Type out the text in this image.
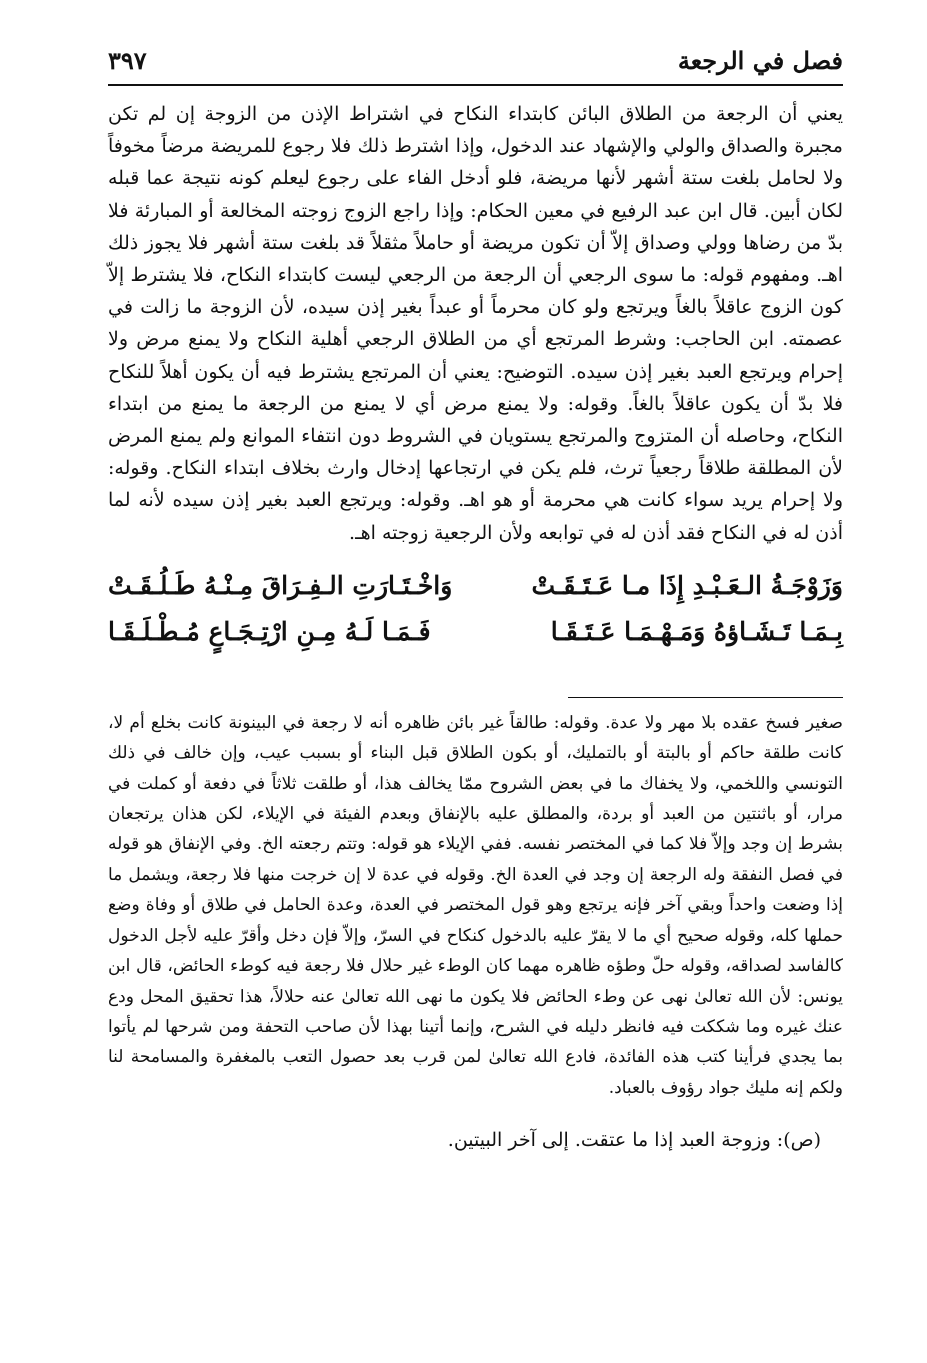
فصل في الرجعة
٣٩٧
يعني أن الرجعة من الطلاق البائن كابتداء النكاح في اشتراط الإذن من الزوجة إن لم تكن مجبرة والصداق والولي والإشهاد عند الدخول، وإذا اشترط ذلك فلا رجوع للمريضة مرضاً مخوفاً ولا لحامل بلغت ستة أشهر لأنها مريضة، فلو أدخل الفاء على رجوع ليعلم كونه نتيجة عما قبله لكان أبين. قال ابن عبد الرفيع في معين الحكام: وإذا راجع الزوج زوجته المخالعة أو المبارئة فلا بدّ من رضاها وولي وصداق إلاّ أن تكون مريضة أو حاملاً مثقلاً قد بلغت ستة أشهر فلا يجوز ذلك اهـ. ومفهوم قوله: ما سوى الرجعي أن الرجعة من الرجعي ليست كابتداء النكاح، فلا يشترط إلاّ كون الزوج عاقلاً بالغاً ويرتجع ولو كان محرماً أو عبداً بغير إذن سيده، لأن الزوجة ما زالت في عصمته. ابن الحاجب: وشرط المرتجع أي من الطلاق الرجعي أهلية النكاح ولا يمنع مرض ولا إحرام ويرتجع العبد بغير إذن سيده. التوضيح: يعني أن المرتجع يشترط فيه أن يكون أهلاً للنكاح فلا بدّ أن يكون عاقلاً بالغاً. وقوله: ولا يمنع مرض أي لا يمنع من الرجعة ما يمنع من ابتداء النكاح، وحاصله أن المتزوج والمرتجع يستويان في الشروط دون انتفاء الموانع ولم يمنع المرض لأن المطلقة طلاقاً رجعياً ترث، فلم يكن في ارتجاعها إدخال وارث بخلاف ابتداء النكاح. وقوله: ولا إحرام يريد سواء كانت هي محرمة أو هو اهـ. وقوله: ويرتجع العبد بغير إذن سيده لأنه لما أذن له في النكاح فقد أذن له في توابعه ولأن الرجعية زوجته اهـ.
وَزَوْجَـةُ الـعَـبْـدِ إِذَا مـا عَـتَـقَـتْ
وَاخْـتَـارَتِ الـفِـرَاقَ مِـنْـهُ طَـلُـقَـتْ
بِـمَـا تَـشَـاؤهُ وَمَـهْـمَـا عَـتَـقَـا
فَـمَـا لَـهُ مِـنِ ارْتِـجَـاعٍ مُـطْـلَـقَـا
صغير فسخ عقده بلا مهر ولا عدة. وقوله: طالقاً غير بائن ظاهره أنه لا رجعة في البينونة كانت بخلع أم لا، كانت طلقة حاكم أو بالبتة أو بالتمليك، أو بكون الطلاق قبل البناء أو بسبب عيب، وإن خالف في ذلك التونسي واللخمي، ولا يخفاك ما في بعض الشروح ممّا يخالف هذا، أو طلقت ثلاثاً في دفعة أو كملت في مرار، أو باثنتين من العبد أو بردة، والمطلق عليه بالإنفاق وبعدم الفيئة في الإيلاء، لكن هذان يرتجعان بشرط إن وجد وإلاّ فلا كما في المختصر نفسه. ففي الإيلاء هو قوله: وتتم رجعته الخ. وفي الإنفاق هو قوله في فصل النفقة وله الرجعة إن وجد في العدة الخ. وقوله في عدة لا إن خرجت منها فلا رجعة، ويشمل ما إذا وضعت واحداً وبقي آخر فإنه يرتجع وهو قول المختصر في العدة، وعدة الحامل في طلاق أو وفاة وضع حملها كله، وقوله صحيح أي ما لا يقرّ عليه بالدخول كنكاح في السرّ، وإلاّ فإن دخل وأقرّ عليه لأجل الدخول كالفاسد لصداقه، وقوله حلّ وطؤه ظاهره مهما كان الوطء غير حلال فلا رجعة فيه كوطء الحائض، قال ابن يونس: لأن الله تعالىٰ نهى عن وطء الحائض فلا يكون ما نهى الله تعالىٰ عنه حلالاً، هذا تحقيق المحل ودع عنك غيره وما شككت فيه فانظر دليله في الشرح، وإنما أتينا بهذا لأن صاحب التحفة ومن شرحها لم يأتوا بما يجدي فرأينا كتب هذه الفائدة، فادع الله تعالىٰ لمن قرب بعد حصول التعب بالمغفرة والمسامحة لنا ولكم إنه مليك جواد رؤوف بالعباد.
(ص): وزوجة العبد إذا ما عتقت. إلى آخر البيتين.
